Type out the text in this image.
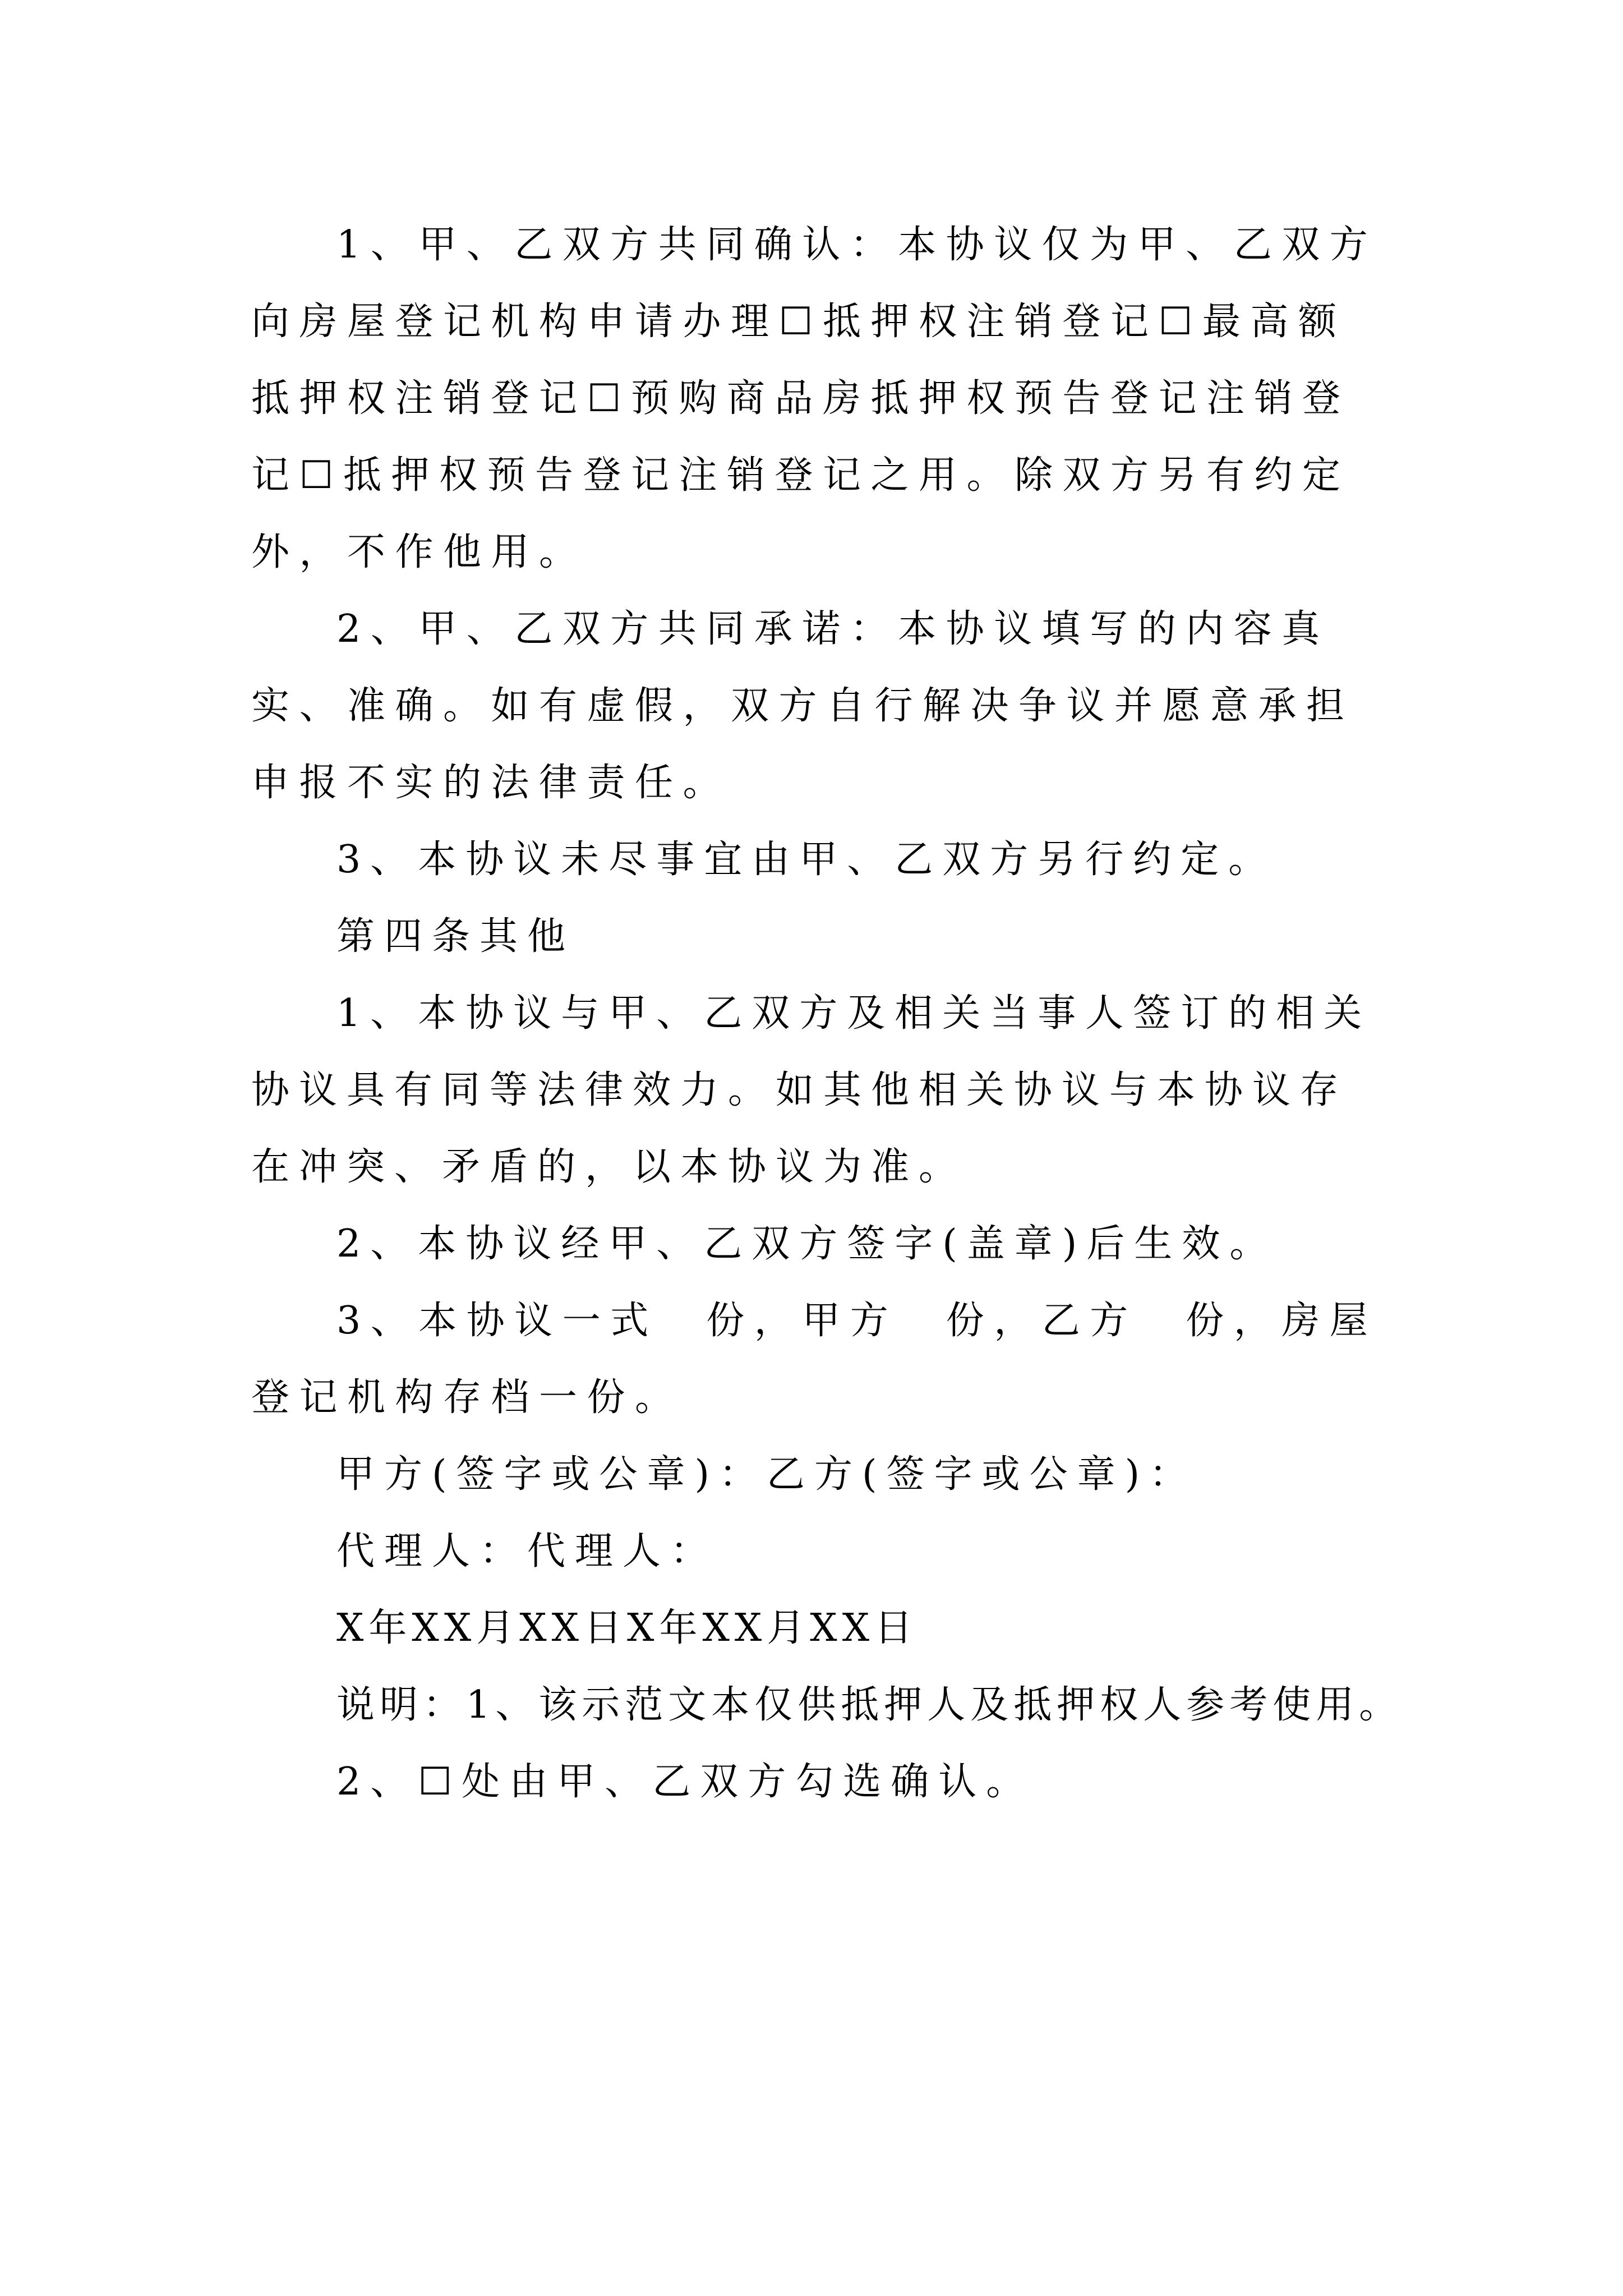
1、甲、乙双方共同确认：本协议仅为甲、乙双方向房屋登记机构申请办理☐抵押权注销登记☐最高额抵押权注销登记☐预购商品房抵押权预告登记注销登记☐抵押权预告登记注销登记之用。除双方另有约定外，不作他用。

2、甲、乙双方共同承诺：本协议填写的内容真实、准确。如有虚假，双方自行解决争议并愿意承担申报不实的法律责任。

3、本协议未尽事宜由甲、乙双方另行约定。

第四条其他

1、本协议与甲、乙双方及相关当事人签订的相关协议具有同等法律效力。如其他相关协议与本协议存在冲突、矛盾的，以本协议为准。

2、本协议经甲、乙双方签字(盖章)后生效。

3、本协议一式　份，甲方　份，乙方　份，房屋登记机构存档一份。

甲方(签字或公章)：乙方(签字或公章)：

代理人：代理人：

X年XX月XX日X年XX月XX日

说明：1、该示范文本仅供抵押人及抵押权人参考使用。

2、☐处由甲、乙双方勾选确认。
